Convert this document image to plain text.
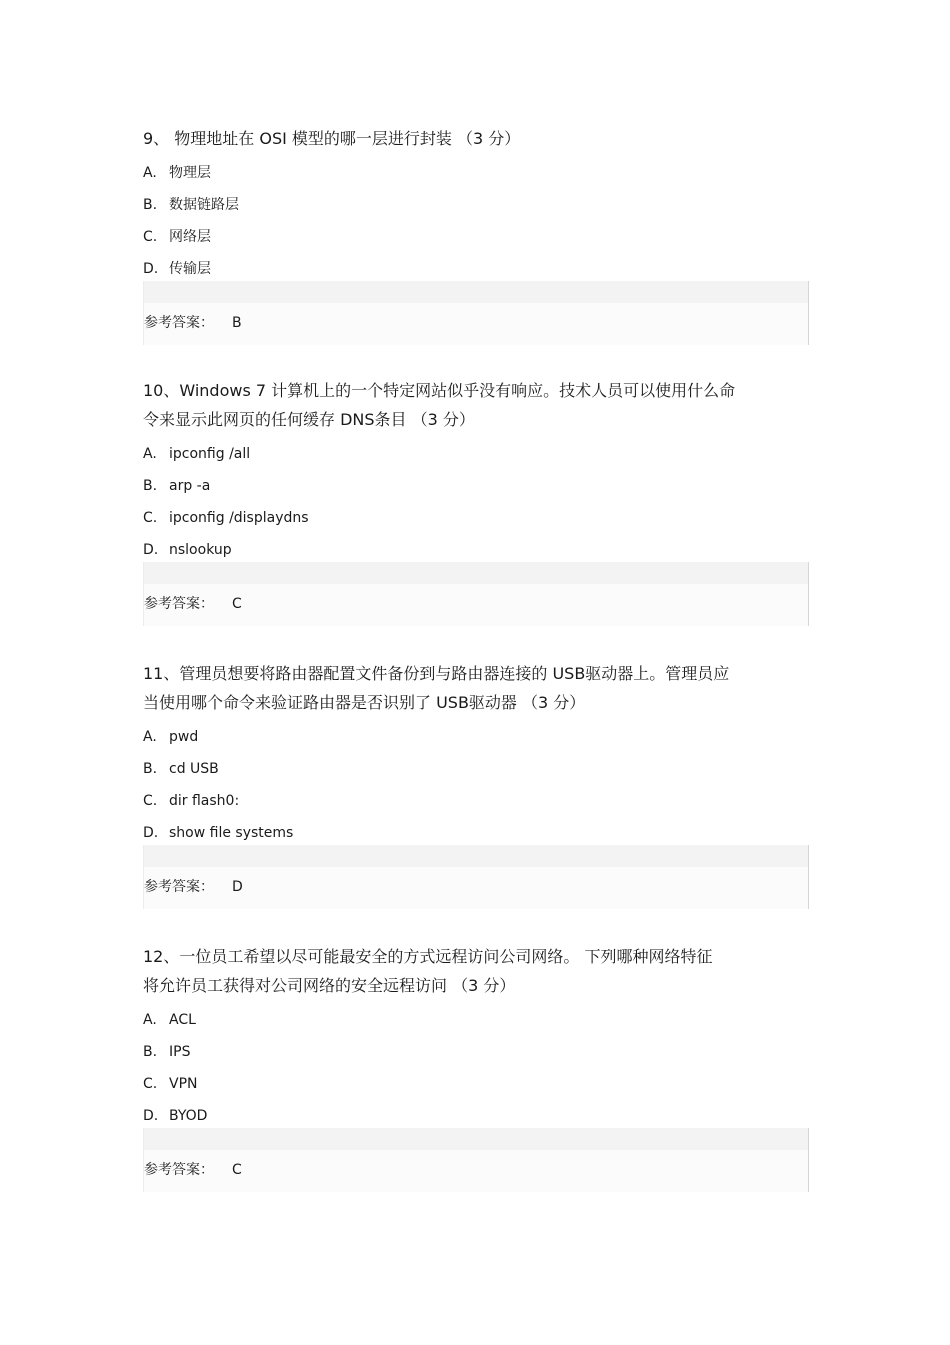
9、 物理地址在 OSI 模型的哪一层进行封装 （3 分）

A. 物理层
B. 数据链路层
C. 网络层
D. 传输层
参考答案： B

10、Windows 7 计算机上的一个特定网站似乎没有响应。技术人员可以使用什么命
令来显示此网页的任何缓存 DNS条目 （3 分）

A. ipconfig /all
B. arp -a
C. ipconfig /displaydns
D. nslookup
参考答案： C

11、管理员想要将路由器配置文件备份到与路由器连接的 USB驱动器上。管理员应
当使用哪个命令来验证路由器是否识别了 USB驱动器 （3 分）

A. pwd
B. cd USB
C. dir flash0:
D. show file systems
参考答案： D

12、一位员工希望以尽可能最安全的方式远程访问公司网络。 下列哪种网络特征
将允许员工获得对公司网络的安全远程访问 （3 分）

A. ACL
B. IPS
C. VPN
D. BYOD
参考答案： C
